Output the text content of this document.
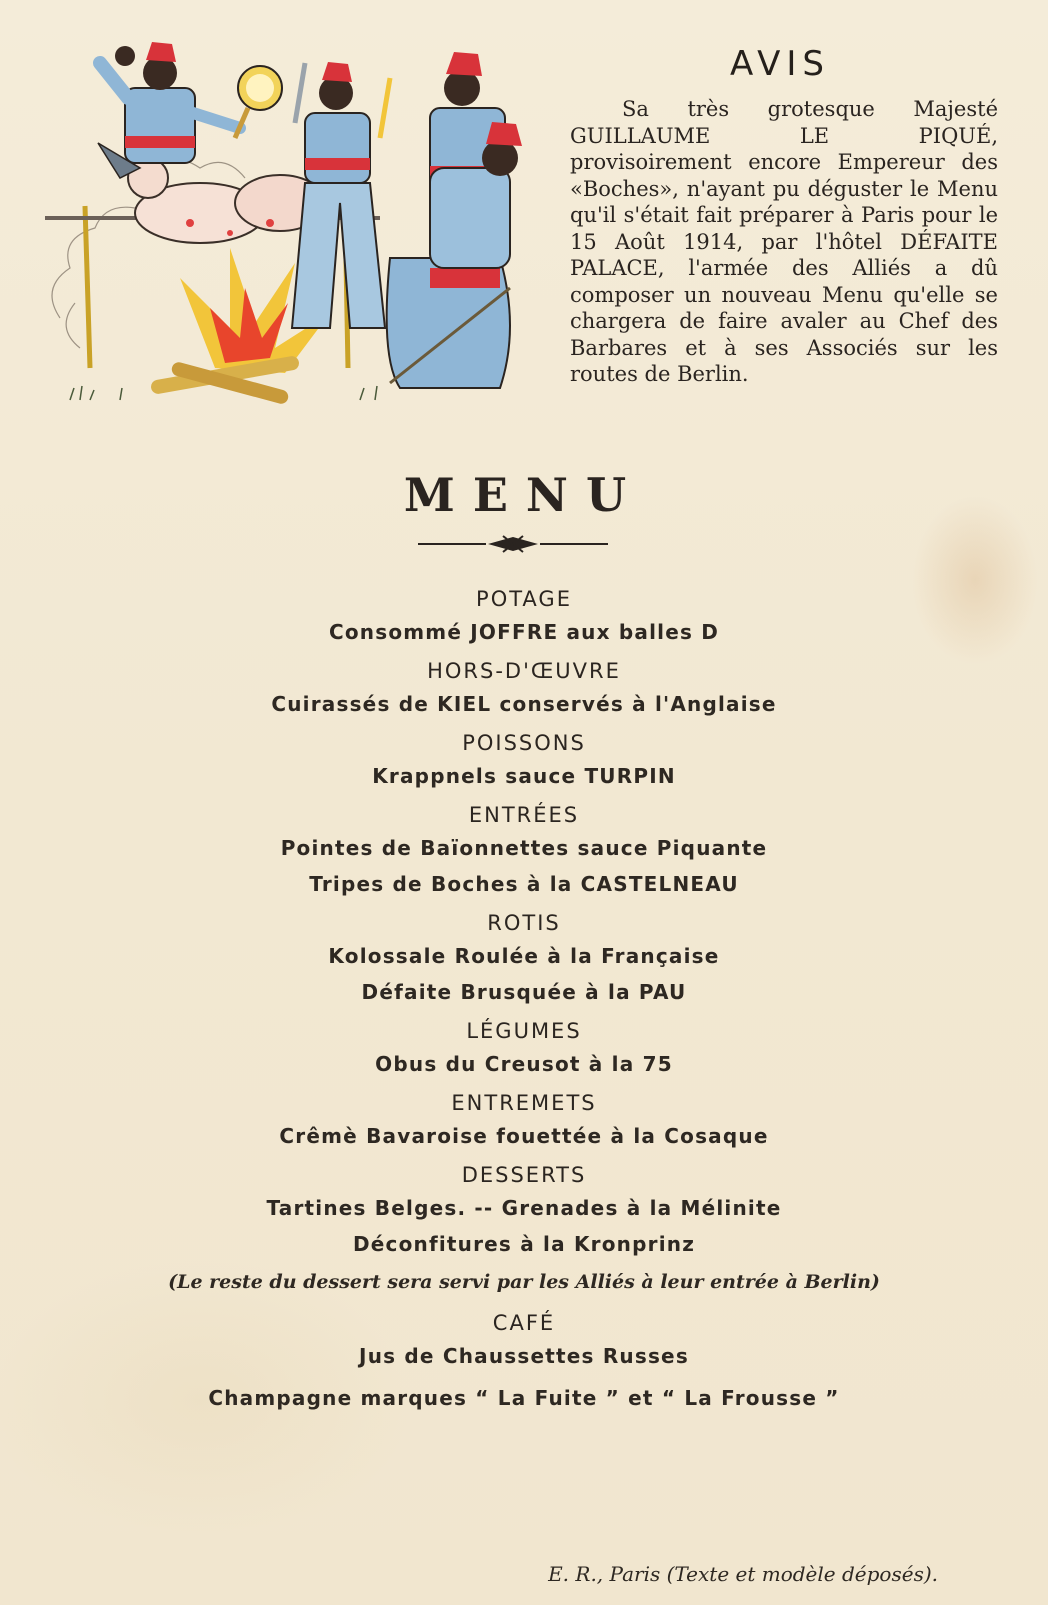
AVIS
Sa très grotesque Majesté GUILLAUME LE PIQUÉ, provisoirement encore Empereur des «Boches», n'ayant pu déguster le Menu qu'il s'était fait préparer à Paris pour le 15 Août 1914, par l'hôtel DÉFAITE PALACE, l'armée des Alliés a dû composer un nouveau Menu qu'elle se chargera de faire avaler au Chef des Barbares et à ses Associés sur les routes de Berlin.
MENU
POTAGE
Consommé JOFFRE aux balles D
HORS-D'ŒUVRE
Cuirassés de KIEL conservés à l'Anglaise
POISSONS
Krappnels sauce TURPIN
ENTRÉES
Pointes de Baïonnettes sauce Piquante
Tripes de Boches à la CASTELNEAU
ROTIS
Kolossale Roulée à la Française
Défaite Brusquée à la PAU
LÉGUMES
Obus du Creusot à la 75
ENTREMETS
Crêmè Bavaroise fouettée à la Cosaque
DESSERTS
Tartines Belges. -- Grenades à la Mélinite
Déconfitures à la Kronprinz
(Le reste du dessert sera servi par les Alliés à leur entrée à Berlin)
CAFÉ
Jus de Chaussettes Russes
Champagne marques “ La Fuite ” et “ La Frousse ”
E. R., Paris (Texte et modèle déposés).
